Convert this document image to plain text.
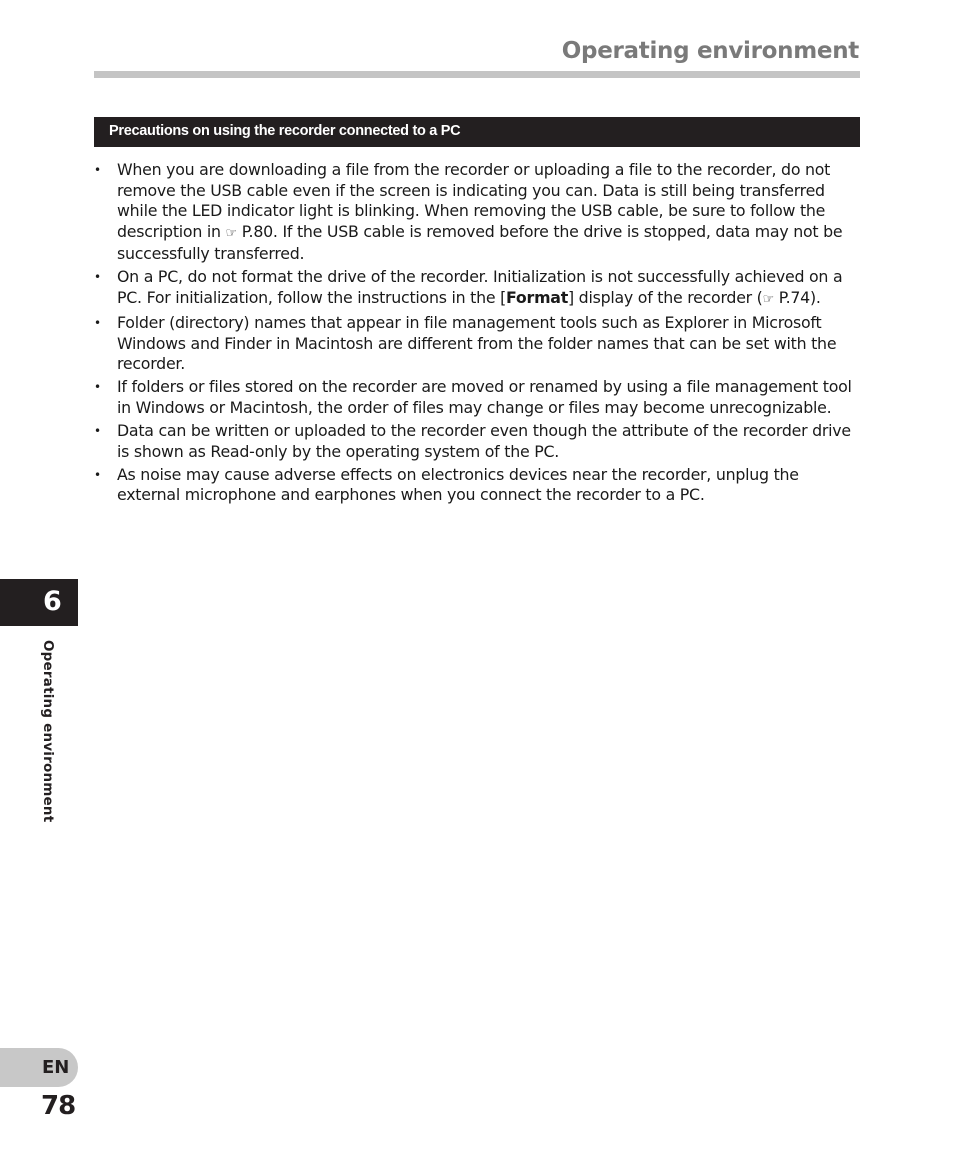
Operating environment
Precautions on using the recorder connected to a PC
• When you are downloading a file from the recorder or uploading a file to the recorder, do not remove the USB cable even if the screen is indicating you can. Data is still being transferred while the LED indicator light is blinking. When removing the USB cable, be sure to follow the description in ☞ P.80. If the USB cable is removed before the drive is stopped, data may not be successfully transferred.
• On a PC, do not format the drive of the recorder. Initialization is not successfully achieved on a PC. For initialization, follow the instructions in the [Format] display of the recorder (☞ P.74).
• Folder (directory) names that appear in file management tools such as Explorer in Microsoft Windows and Finder in Macintosh are different from the folder names that can be set with the recorder.
• If folders or files stored on the recorder are moved or renamed by using a file management tool in Windows or Macintosh, the order of files may change or files may become unrecognizable.
• Data can be written or uploaded to the recorder even though the attribute of the recorder drive is shown as Read-only by the operating system of the PC.
• As noise may cause adverse effects on electronics devices near the recorder, unplug the external microphone and earphones when you connect the recorder to a PC.
6
Operating environment
EN
78
